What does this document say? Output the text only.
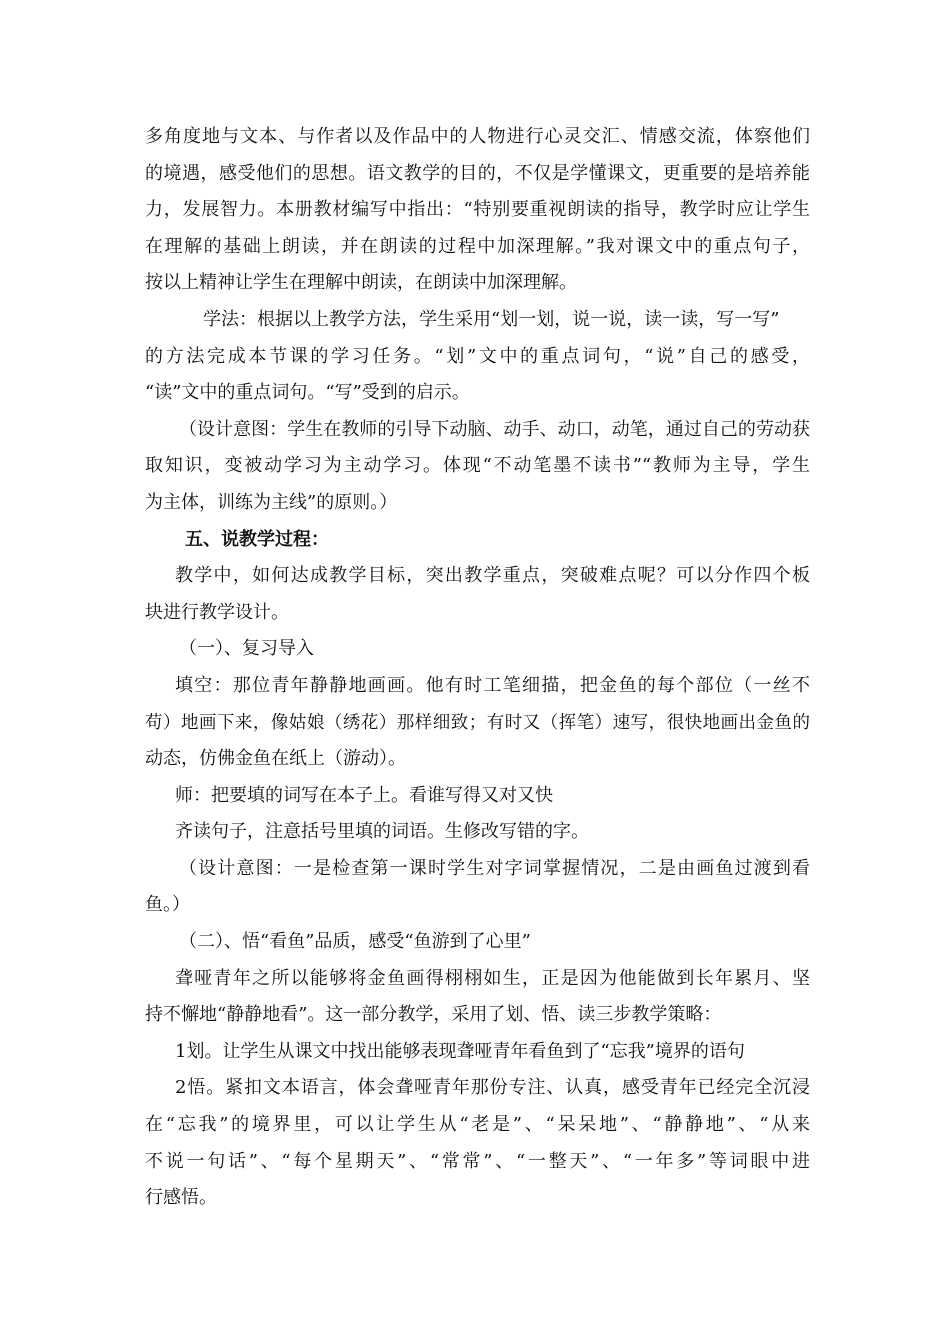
多角度地与文本、与作者以及作品中的人物进行心灵交汇、情感交流，体察他们
的境遇，感受他们的思想。语文教学的目的，不仅是学懂课文，更重要的是培养能
力，发展智力。本册教材编写中指出：“特别要重视朗读的指导，教学时应让学生
在理解的基础上朗读，并在朗读的过程中加深理解。”我对课文中的重点句子，
按以上精神让学生在理解中朗读，在朗读中加深理解。
学法：根据以上教学方法，学生采用“划一划，说一说，读一读，写一写”
的方法完成本节课的学习任务。“划”文中的重点词句，“说”自己的感受，
“读”文中的重点词句。“写”受到的启示。
（设计意图：学生在教师的引导下动脑、动手、动口，动笔，通过自己的劳动获
取知识，变被动学习为主动学习。体现“不动笔墨不读书”“教师为主导，学生
为主体，训练为主线”的原则。）
五、说教学过程：
教学中，如何达成教学目标，突出教学重点，突破难点呢？可以分作四个板
块进行教学设计。
（一）、复习导入
填空：那位青年静静地画画。他有时工笔细描，把金鱼的每个部位（一丝不
苟）地画下来，像姑娘（绣花）那样细致；有时又（挥笔）速写，很快地画出金鱼的
动态，仿佛金鱼在纸上（游动）。
师：把要填的词写在本子上。看谁写得又对又快
齐读句子，注意括号里填的词语。生修改写错的字。
（设计意图：一是检查第一课时学生对字词掌握情况，二是由画鱼过渡到看
鱼。）
（二）、悟“看鱼”品质，感受“鱼游到了心里”
聋哑青年之所以能够将金鱼画得栩栩如生，正是因为他能做到长年累月、坚
持不懈地“静静地看”。这一部分教学，采用了划、悟、读三步教学策略：
1划。让学生从课文中找出能够表现聋哑青年看鱼到了“忘我”境界的语句
2悟。紧扣文本语言，体会聋哑青年那份专注、认真，感受青年已经完全沉浸
在“忘我”的境界里，可以让学生从“老是”、“呆呆地”、“静静地”、“从来
不说一句话”、“每个星期天”、“常常”、“一整天”、“一年多”等词眼中进
行感悟。
